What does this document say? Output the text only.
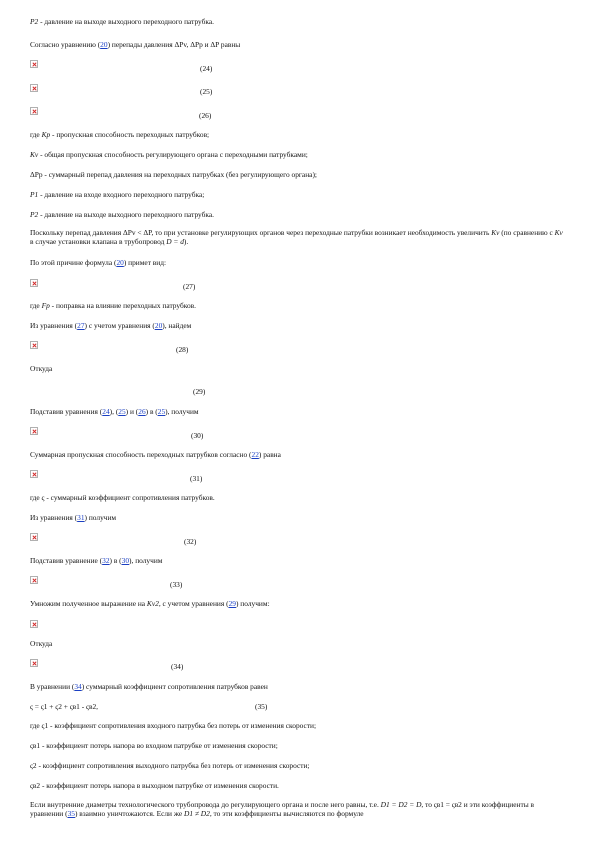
P2 - давление на выходе выходного переходного патрубка.
Согласно уравнению (20) перепады давления ΔPv, ΔPp и ΔP равны
(24)
(25)
(26)
где Kp - пропускная способность переходных патрубков;
Kv - общая пропускная способность регулирующего органа с переходными патрубками;
ΔPp - суммарный перепад давления на переходных патрубках (без регулирующего органа);
P1 - давление на входе входного переходного патрубка;
P2 - давление на выходе выходного переходного патрубка.
Поскольку перепад давления ΔPv < ΔP, то при установке регулирующих органов через переходные патрубки возникает необходимость увеличить Kv (по сравнению с Kv в случае установки клапана в трубопровод D = d).
По этой причине формула (20) примет вид:
(27)
где Fp - поправка на влияние переходных патрубков.
Из уравнения (27) с учетом уравнения (20), найдем
(28)
Откуда
(29)
Подставив уравнения (24), (25) и (26) в (25), получим
(30)
Суммарная пропускная способность переходных патрубков согласно (22) равна
(31)
где ς - суммарный коэффициент сопротивления патрубков.
Из уравнения (31) получим
(32)
Подставив уравнение (32) в (30), получим
(33)
Умножим полученное выражение на Kv2, с учетом уравнения (29) получим:
Откуда
(34)
В уравнении (34) суммарный коэффициент сопротивления патрубков равен
ς = ς1 + ς2 + ςв1 - ςв2,	(35)
где ς1 - коэффициент сопротивления входного патрубка без потерь от изменения скорости;
ςв1 - коэффициент потерь напора во входном патрубке от изменения скорости;
ς2 - коэффициент сопротивления выходного патрубка без потерь от изменения скорости;
ςв2 - коэффициент потерь напора в выходном патрубке от изменения скорости.
Если внутренние диаметры технологического трубопровода до регулирующего органа и после него равны, т.е. D1 = D2 = D, то ςв1 = ςв2 и эти коэффициенты в уравнении (35) взаимно уничтожаются. Если же D1 ≠ D2, то эти коэффициенты вычисляются по формуле
